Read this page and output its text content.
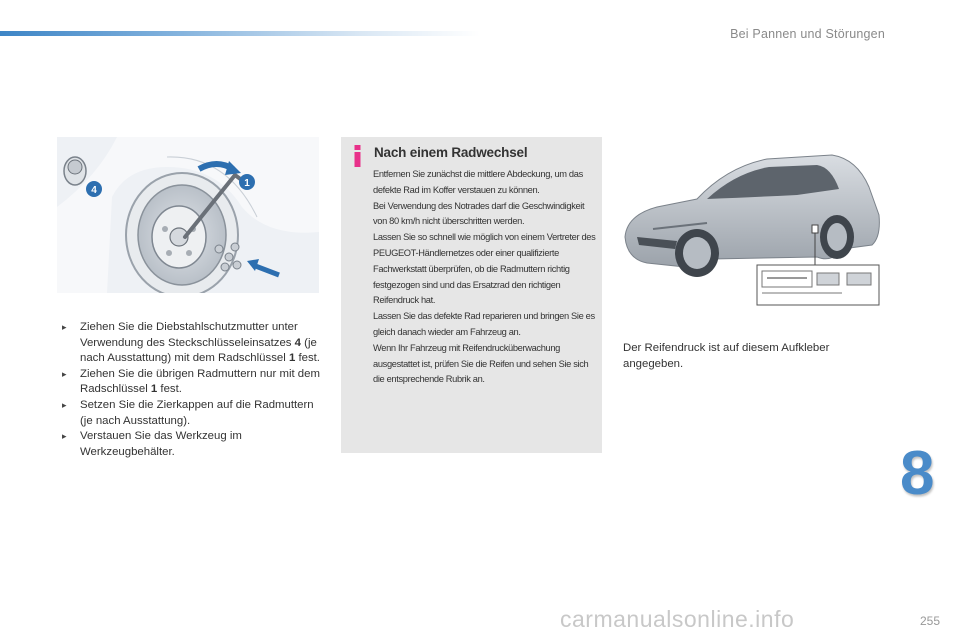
Bei Pannen und Störungen
1
4
▸ Ziehen Sie die Diebstahlschutzmutter unter Verwendung des Steckschlüsseleinsatzes 4 (je nach Ausstattung) mit dem Radschlüssel 1 fest.
▸ Ziehen Sie die übrigen Radmuttern nur mit dem Radschlüssel 1 fest.
▸ Setzen Sie die Zierkappen auf die Radmuttern (je nach Ausstattung).
▸ Verstauen Sie das Werkzeug im Werkzeugbehälter.
Nach einem Radwechsel

Entfernen Sie zunächst die mittlere Abdeckung, um das defekte Rad im Koffer verstauen zu können.

Bei Verwendung des Notrades darf die Geschwindigkeit von 80 km/h nicht überschritten werden.

Lassen Sie so schnell wie möglich von einem Vertreter des PEUGEOT-Händlernetzes oder einer qualifizierte Fachwerkstatt überprüfen, ob die Radmuttern richtig festgezogen sind und das Ersatzrad den richtigen Reifendruck hat.

Lassen Sie das defekte Rad reparieren und bringen Sie es gleich danach wieder am Fahrzeug an.

Wenn Ihr Fahrzeug mit Reifendrucküberwachung ausgestattet ist, prüfen Sie die Reifen und sehen Sie sich die entsprechende Rubrik an.

Der Reifendruck ist auf diesem Aufkleber angegeben.
8
255
carmanualsonline.info
